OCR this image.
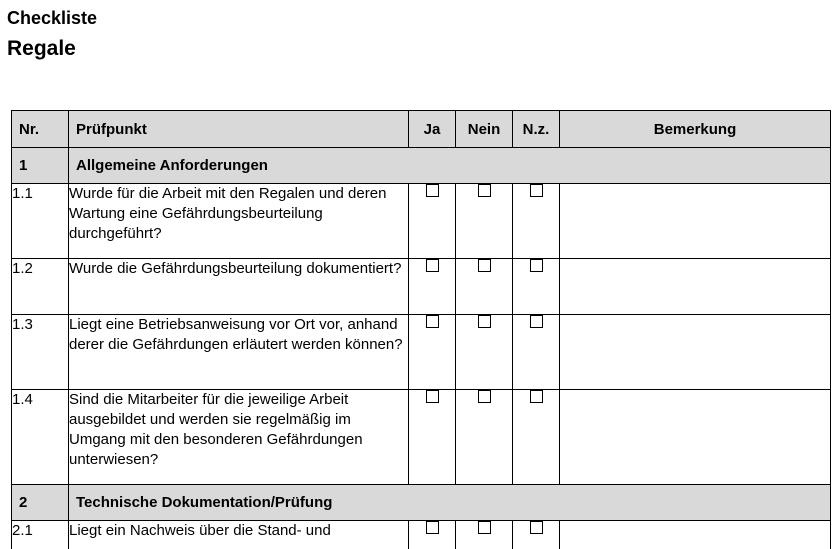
Checkliste
Regale
Nr.	Prüfpunkt	Ja	Nein	N.z.	Bemerkung
1	Allgemeine Anforderungen				
1.1	Wurde für die Arbeit mit den Regalen und deren Wartung eine Gefährdungsbeurteilung durchgeführt?				
1.2	Wurde die Gefährdungsbeurteilung dokumentiert?				
1.3	Liegt eine Betriebsanweisung vor Ort vor, anhand derer die Gefährdungen erläutert werden können?				
1.4	Sind die Mitarbeiter für die jeweilige Arbeit ausgebildet und werden sie regelmäßig im Umgang mit den besonderen Gefährdungen unterwiesen?				
2	Technische Dokumentation/Prüfung				
2.1	Liegt ein Nachweis über die Stand- und				
